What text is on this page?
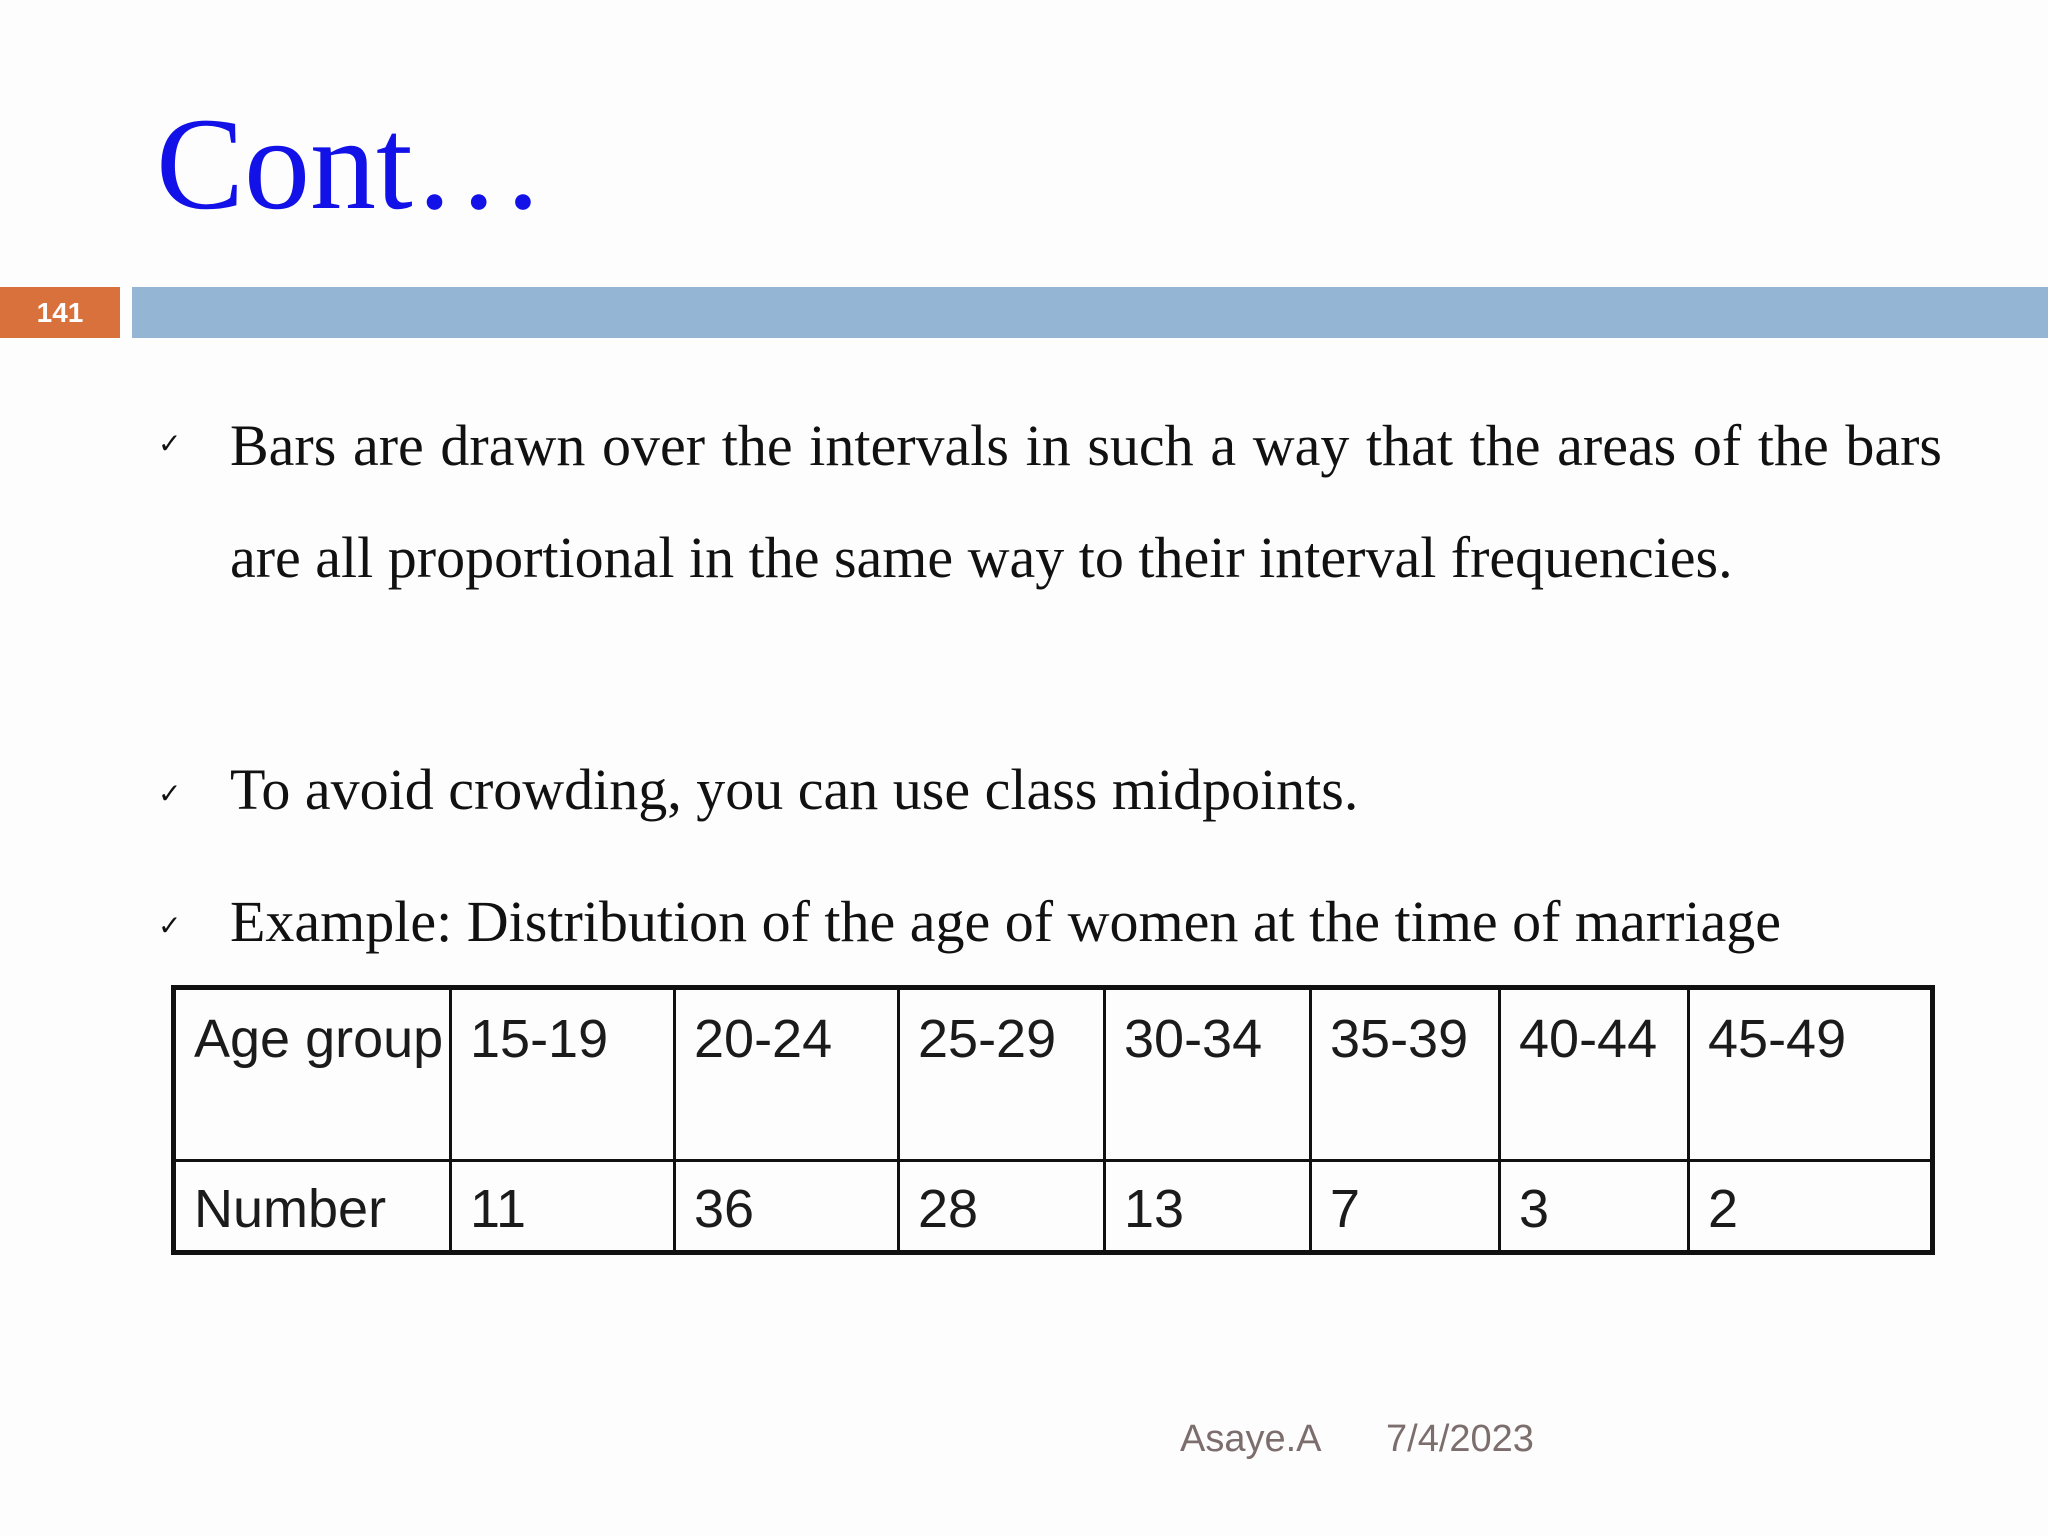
Cont…
141
✓ Bars are drawn over the intervals in such a way that the areas of the bars are all proportional in the same way to their interval frequencies.

✓ To avoid crowding, you can use class midpoints.

✓ Example: Distribution of the age of women at the time of marriage

Age group	15-19	20-24	25-29	30-34	35-39	40-44	45-49
Number	11	36	28	13	7	3	2
Asaye.A 7/4/2023
